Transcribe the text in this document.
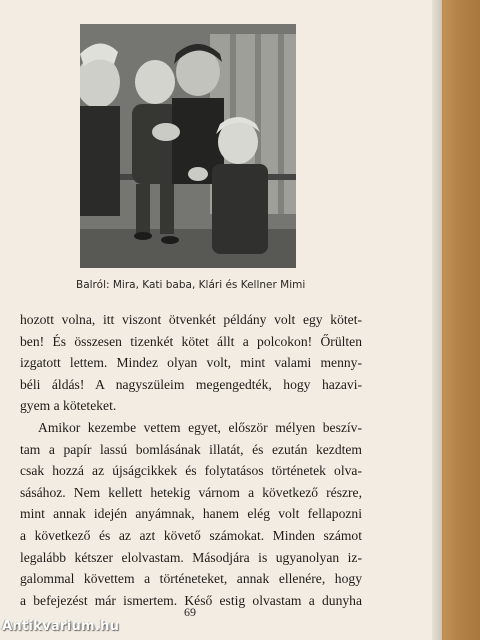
Balról: Mira, Kati baba, Klári és Kellner Mimi
hozott volna, itt viszont ötvenkét példány volt egy kötet-
ben! És összesen tizenkét kötet állt a polcokon! Őrülten
izgatott lettem. Mindez olyan volt, mint valami menny-
béli áldás! A nagyszüleim megengedték, hogy hazavi-
gyem a köteteket.
Amikor kezembe vettem egyet, először mélyen beszív-
tam a papír lassú bomlásának illatát, és ezután kezdtem
csak hozzá az újságcikkek és folytatásos történetek olva-
sásához. Nem kellett hetekig várnom a következő részre,
mint annak idején anyámnak, hanem elég volt fellapozni
a következő és az azt követő számokat. Minden számot
legalább kétszer elolvastam. Másodjára is ugyanolyan iz-
galommal követtem a történeteket, annak ellenére, hogy
a befejezést már ismertem. Késő estig olvastam a dunyha
69
Antikvarium.hu
